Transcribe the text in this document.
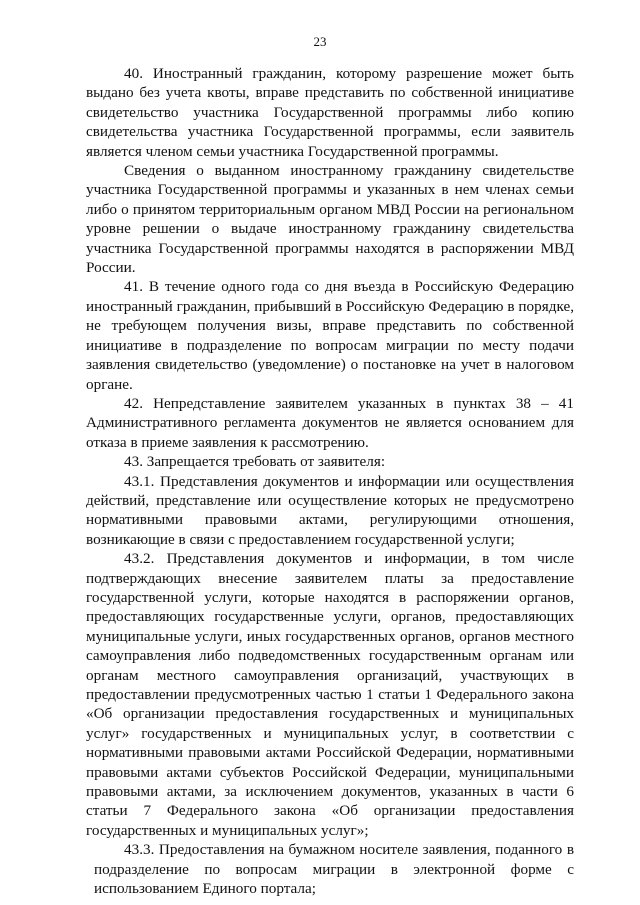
23

40. Иностранный гражданин, которому разрешение может быть выдано без учета квоты, вправе представить по собственной инициативе свидетельство участника Государственной программы либо копию свидетельства участника Государственной программы, если заявитель является членом семьи участника Государственной программы.

Сведения о выданном иностранному гражданину свидетельстве участника Государственной программы и указанных в нем членах семьи либо о принятом территориальным органом МВД России на региональном уровне решении о выдаче иностранному гражданину свидетельства участника Государственной программы находятся в распоряжении МВД России.

41. В течение одного года со дня въезда в Российскую Федерацию иностранный гражданин, прибывший в Российскую Федерацию в порядке, не требующем получения визы, вправе представить по собственной инициативе в подразделение по вопросам миграции по месту подачи заявления свидетельство (уведомление) о постановке на учет в налоговом органе.

42. Непредставление заявителем указанных в пунктах 38 – 41 Административного регламента документов не является основанием для отказа в приеме заявления к рассмотрению.

43. Запрещается требовать от заявителя:

43.1. Представления документов и информации или осуществления действий, представление или осуществление которых не предусмотрено нормативными правовыми актами, регулирующими отношения, возникающие в связи с предоставлением государственной услуги;

43.2. Представления документов и информации, в том числе подтверждающих внесение заявителем платы за предоставление государственной услуги, которые находятся в распоряжении органов, предоставляющих государственные услуги, органов, предоставляющих муниципальные услуги, иных государственных органов, органов местного самоуправления либо подведомственных государственным органам или органам местного самоуправления организаций, участвующих в предоставлении предусмотренных частью 1 статьи 1 Федерального закона «Об организации предоставления государственных и муниципальных услуг» государственных и муниципальных услуг, в соответствии с нормативными правовыми актами Российской Федерации, нормативными правовыми актами субъектов Российской Федерации, муниципальными правовыми актами, за исключением документов, указанных в части 6 статьи 7 Федерального закона «Об организации предоставления государственных и муниципальных услуг»;

43.3. Предоставления на бумажном носителе заявления, поданного в подразделение по вопросам миграции в электронной форме с использованием Единого портала;
